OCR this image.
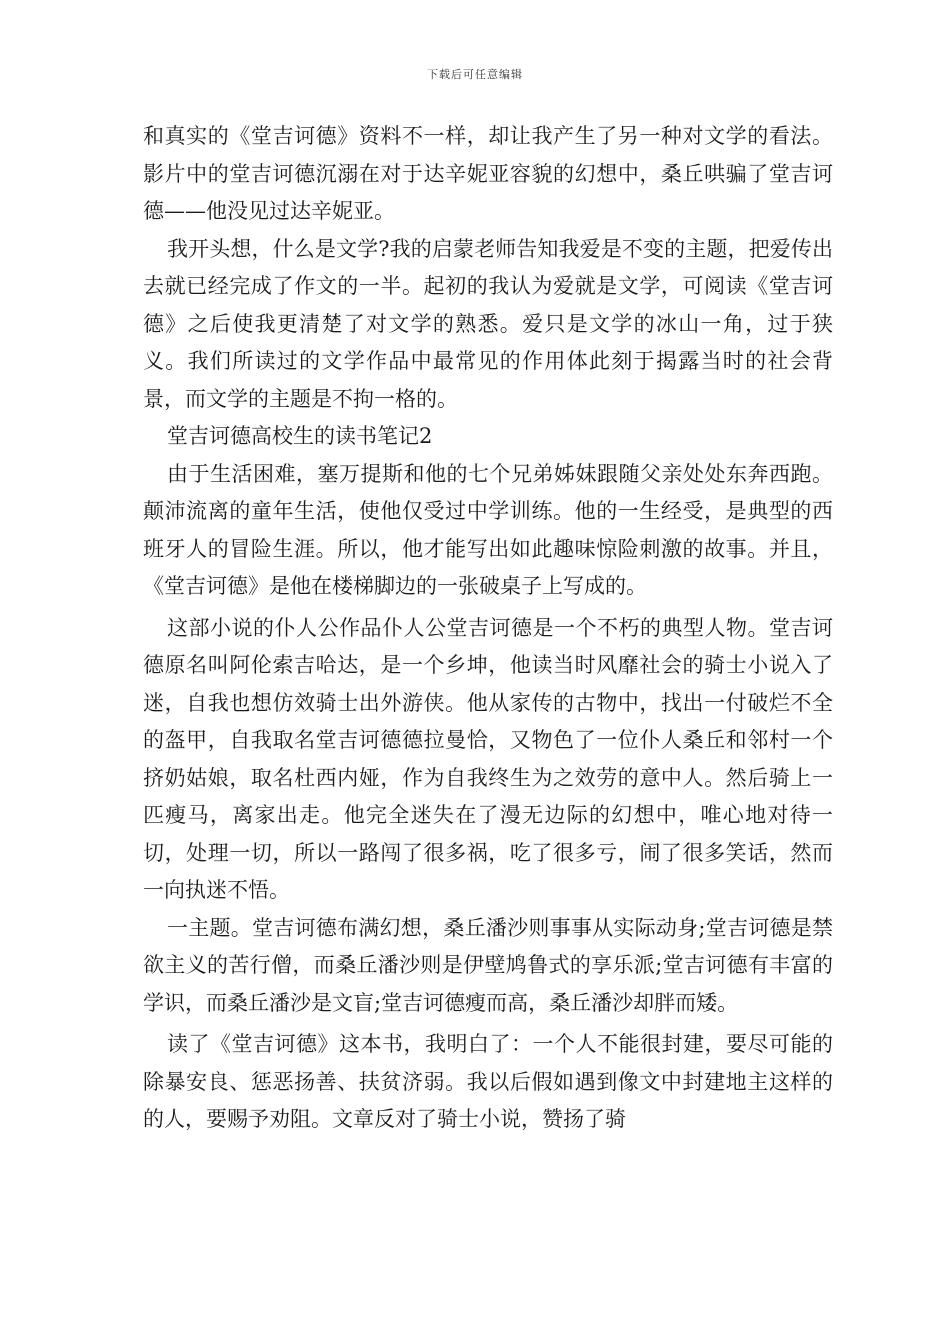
下载后可任意编辑

和真实的《堂吉诃德》资料不一样，却让我产生了另一种对文学的看法。影片中的堂吉诃德沉溺在对于达辛妮亚容貌的幻想中，桑丘哄骗了堂吉诃德——他没见过达辛妮亚。

我开头想，什么是文学?我的启蒙老师告知我爱是不变的主题，把爱传出去就已经完成了作文的一半。起初的我认为爱就是文学，可阅读《堂吉诃德》之后使我更清楚了对文学的熟悉。爱只是文学的冰山一角，过于狭义。我们所读过的文学作品中最常见的作用体此刻于揭露当时的社会背景，而文学的主题是不拘一格的。

堂吉诃德高校生的读书笔记2

由于生活困难，塞万提斯和他的七个兄弟姊妹跟随父亲处处东奔西跑。颠沛流离的童年生活，使他仅受过中学训练。他的一生经受，是典型的西班牙人的冒险生涯。所以，他才能写出如此趣味惊险刺激的故事。并且，《堂吉诃德》是他在楼梯脚边的一张破桌子上写成的。

这部小说的仆人公作品仆人公堂吉诃德是一个不朽的典型人物。堂吉诃德原名叫阿伦索吉哈达，是一个乡坤，他读当时风靡社会的骑士小说入了迷，自我也想仿效骑士出外游侠。他从家传的古物中，找出一付破烂不全的盔甲，自我取名堂吉诃德德拉曼恰，又物色了一位仆人桑丘和邻村一个挤奶姑娘，取名杜西内娅，作为自我终生为之效劳的意中人。然后骑上一匹瘦马，离家出走。他完全迷失在了漫无边际的幻想中，唯心地对待一切，处理一切，所以一路闯了很多祸，吃了很多亏，闹了很多笑话，然而一向执迷不悟。

一主题。堂吉诃德布满幻想，桑丘潘沙则事事从实际动身;堂吉诃德是禁欲主义的苦行僧，而桑丘潘沙则是伊壁鸠鲁式的享乐派;堂吉诃德有丰富的学识，而桑丘潘沙是文盲;堂吉诃德瘦而高，桑丘潘沙却胖而矮。

读了《堂吉诃德》这本书，我明白了：一个人不能很封建，要尽可能的除暴安良、惩恶扬善、扶贫济弱。我以后假如遇到像文中封建地主这样的的人，要赐予劝阻。文章反对了骑士小说，赞扬了骑
